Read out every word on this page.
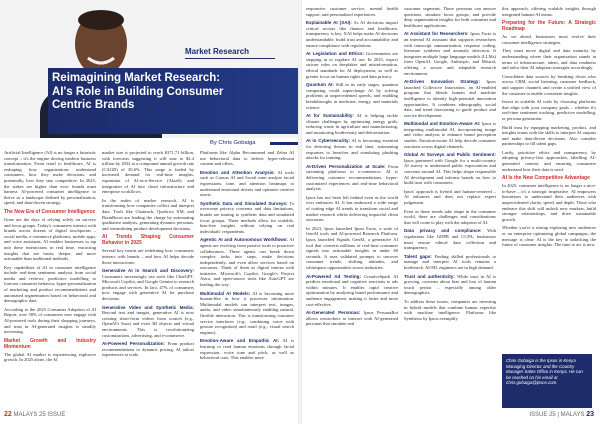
Market Research
Reimagining Market Research:
AI's Role in Building Consumer
Centric Brands
By Chris Gobaiga

Artificial Intelligence (AI) is no longer a futuristic concept – it's the engine driving modern business transformation. From retail to healthcare, AI is reshaping how organizations understand consumers, how they make decisions, and potentially, how they stay competitive. In 2025, the stakes are higher than ever: brands must harness AI-powered consumer intelligence to thrive in a landscape defined by personalization, speed, and data-driven strategy.

The New Era of Consumer Intelligence

Gone are the days of relying solely on surveys and focus groups. Today's consumers interact with brands across dozens of digital touchpoints – social media, e-commerce platforms, mobile apps, and voice assistants. AI enables businesses to tap into these interactions in real time, extracting insights that are faster, deeper, and more actionable than traditional methods.

Key capabilities of AI in consumer intelligence include real-time sentiment analysis from social media and reviews, predictive modelling to forecast consumer behavior, hyper-personalization of marketing and product recommendations and automated segmentation based on behavioral and demographic data.

According to the 2025 Consumer Adoption of AI Report, over 58% of consumers now engage with AI-powered tools during their shopping journeys, and trust in AI-generated insights is steadily increasing.

Market Growth and Industry Momentum

The global AI market is experiencing explosive growth. In 2025 alone, the AI

market size is projected to reach $371.71 billion, with forecasts suggesting it will soar to $2.4 trillion by 2032 at a compound annual growth rate (CAGR) of 30.6%. This surge is fueled by increased demand for real-time insights, expansion of AI-as-a-Service (AIaaS), and integration of AI into cloud infrastructure and enterprise workflows.

In the realm of market research, AI is transforming how companies collect and interpret data. Tools like Chattrack, Qualtrics XM, and BrainBoost are leading the charge by automating qualitative analysis, generating dynamic personas, and streamlining product development decisions.

AI Trends Shaping Consumer Behavior in 2025

Several key trends are redefining how consumers interact with brands – and how AI helps decode those interactions:

Generative AI in Search and Discovery: Consumers increasingly use tools like ChatGPT, Microsoft Copilot, and Google Gemini to research products and services. In fact, 47% of consumers now engage with generative AI for purchase decisions.

Generative Video and Synthetic Media: Beyond text and images, generative AI is now creating short-form videos from scratch (e.g., OpenAI's Sora) and even 3D objects and virtual environments. This is revolutionizing customizations, advertising, and e-commerce.

AI-Powered Personalization: From product recommendations to dynamic pricing, AI tailors experiences at scale.

Platforms like Alpha Recommend and Zebra AI use behavioral data to deliver hyper-relevant content and offers.

Emotion and Attention Analysis: AI tools such as Canvas AI and Social mini analyze facial expressions, tone, and attention heatmaps to understand emotional drivers and optimize creative assets.

Synthetic Data and Simulated Surveys: To overcome privacy concerns and data limitations, brands are turning to synthetic data and simulated focus groups. These methods allow for scalable, bias-free insights without relying on real individuals' respondents.

Agentic AI and Autonomous Workflows: AI agents are evolving from passive tools to proactive collaborators. These agents can break down complex tasks into steps, make decisions independently, and even allow services based on outcomes. Think of them as digital interns with initiative. Microsoft's Copilot, Google's Project Astra, and open-source tools like AutoGPT are leading the way.

Multimodal AI Models: AI is becoming more human-like in how it processes information. Multimodal models can interpret text, images, audio, and video simultaneously enabling natural, flexible interaction. This is transforming customer service interfaces (e.g., combining voice with gesture recognition) and retail (e.g., visual search engines).

Emotion-Aware and Empathic AI: AI is learning to read human emotions through facial expression, voice tone and pitch, as well as behavioral cues. This enables more

22 MALAYS 25 ISSUE

responsive customer service, mental health support, and personalized experiences.

Explainable AI (XAI): As AI decisions impact critical sectors like finance and healthcare, transparency is key. XAI helps make AI decisions understandable, build trust and accountability and ensure compliance with regulations.

AI Legislation and Ethics: Governments are stepping in to regulate AI use. In 2025, expect stricter rules on deepfakes and misinformation, ethical standards for AI deployment, as well as greater focus on human rights and data privacy.

Quantum AI: Still in its early stages, quantum computing could supercharge AI by solving problems at unprecedented speeds, and enabling breakthroughs in medicine, energy, and materials science.

AI for Sustainability: AI is helping tackle climate challenges by optimizing energy grids, reducing waste in agriculture and manufacturing, and monitoring biodiversity and deforestation.

AI in Cybersecurity: AI is becoming essential for detecting threats in real time, automating responses to breaches and simulating phishing attacks for training.

AI-Driven Personalization at Scale: From streaming platforms to e-commerce, AI is delivering customer recommendations, hyper-customized experiences and real-time behavioral analysis.

Ipsos has not been left behind even as the world over embraces AI. It has embraced a wide range of cutting edge AI trends to transform social and market research whilst delivering impactful client outcomes.

In 2023, Ipsos launched Ipsos Facto, a suite of GenAI tools and AI-powered Research Platform. Ipsos launched Signals GenAI, a generative AI tool that converts millions of real-time consumer signals into actionable insights in under 60 seconds. It uses validated prompts to uncover consumer trends, shifting attitudes, and whitespace opportunities across industries.

AI-Powered Ad Testing: CreativeSpark AI predicts emotional and cognitive reactions to ads within minutes. It enables rapid creative optimization by analyzing brand performance and audience engagement, making it faster and more cost-effective.

AI-Generated Personas: Ipsos PersonaBot allows researchers to interact with AI-generated personas that simulate real

customer segments. These personas can answer questions, simulate focus groups, and provide deep segmentation insights for both consumer and healthcare applications.

AI Assistant for Researchers: Ipsos Facto is an internal AI assistant that supports researchers with transcript summarization, response coding, literature synthesis and anomaly detection. It integrates multiple large language models (LLMs) from OpenAI, Google, Anthropic, and Mistral, offering a secure and adaptable research environment.

AI-Driven Innovation Strategy: Ipsos launched Collective Innovation, an AI-enabled program that blends human and machine intelligence to identify high-potential innovation opportunities. It combines ethnography, social data, and trend forecasting to guide product and service development.

Multimodal and Emotion-Aware AI: Ipsos is integrating multimodal AI, incorporating image and video analysis to enhance brand perception studies. Emotion-aware AI help decode consumer reactions across digital channels.

Global AI Surveys and Public Sentiment: Ipsos partnered with Google for a multi-country AI survey to understand public expectations and concerns around AI. This helps shape responsible AI development and informs brands on how to build trust with consumers.

Ipsos' approach is hybrid and human-centered – AI enhances and does not replace expert judgement.

Even as these trends take shape in the consumer world, there are challenges and considerations that will come to play with the adoption of AI.

Data privacy and compliance: With regulations like GDPR and CCPA, businesses must ensure ethical data collection and transparency.

Talent gaps: Finding skilled professionals to manage and interpret AI tools remains a bottleneck. AI-ML engineers are in high demand.

Trust and authenticity: While trust in AI is growing, concerns about bias and loss of human touch persist – especially among older demographics.

To address these issues, companies are investing in hybrid models that combine human expertise with machine intelligence. Platforms like Synthesio by Ipsos exemplify

this approach, offering scalable insights through integrated human-AI teams.

Preparing for the Future: A Strategic Roadmap

As we ahead, businesses must evolve their consumer intelligence strategies.

They must move digital and data maturity by understanding where their organization stands in terms of infrastructure, talent, and data readiness and tailor their AI adoption strategies accordingly.

Consolidate data sources by breaking down silos across CRM, social listening, customer feedback, and support channels and create a unified view of the customer to enable consistent insights.

Invest in scalable AI tools by choosing platforms that align with your company goals – whether it's real-time sentiment tracking, predictive modelling, or persona generation.

Build trust by equipping marketing, product, and insights teams with the skills to interpret AI outputs and make data-driven decisions. Also consider partnerships to fill talent gaps.

Lastly, prioritize ethics and transparency by adopting privacy-first approaches, labelling AI-generated content, and ensuring consumers understand how their data is used.

AI Is the New Competitive Advantage

In 2025, consumer intelligence is no longer a nice-to-have – it's a strategic imperative. AI empowers businesses to understand their audiences with unprecedented clarity, speed, and depth. Those who embrace this shift will unlock new markets, build stronger relationships, and drive sustainable growth.

Whether you're a startup exploring new audiences or an enterprise optimizing global campaigns, the message is clear: AI is the key to unlocking the future of consumer insights. The time to act is now.

Chris Gobaiga is the Ipsos in Kenya Managing Director and the Country Manager Sales Office in Kenya. He can be reached on his email at chris.gobaiga@ipsos.com.
ISSUE 25 | MALAYS 23
